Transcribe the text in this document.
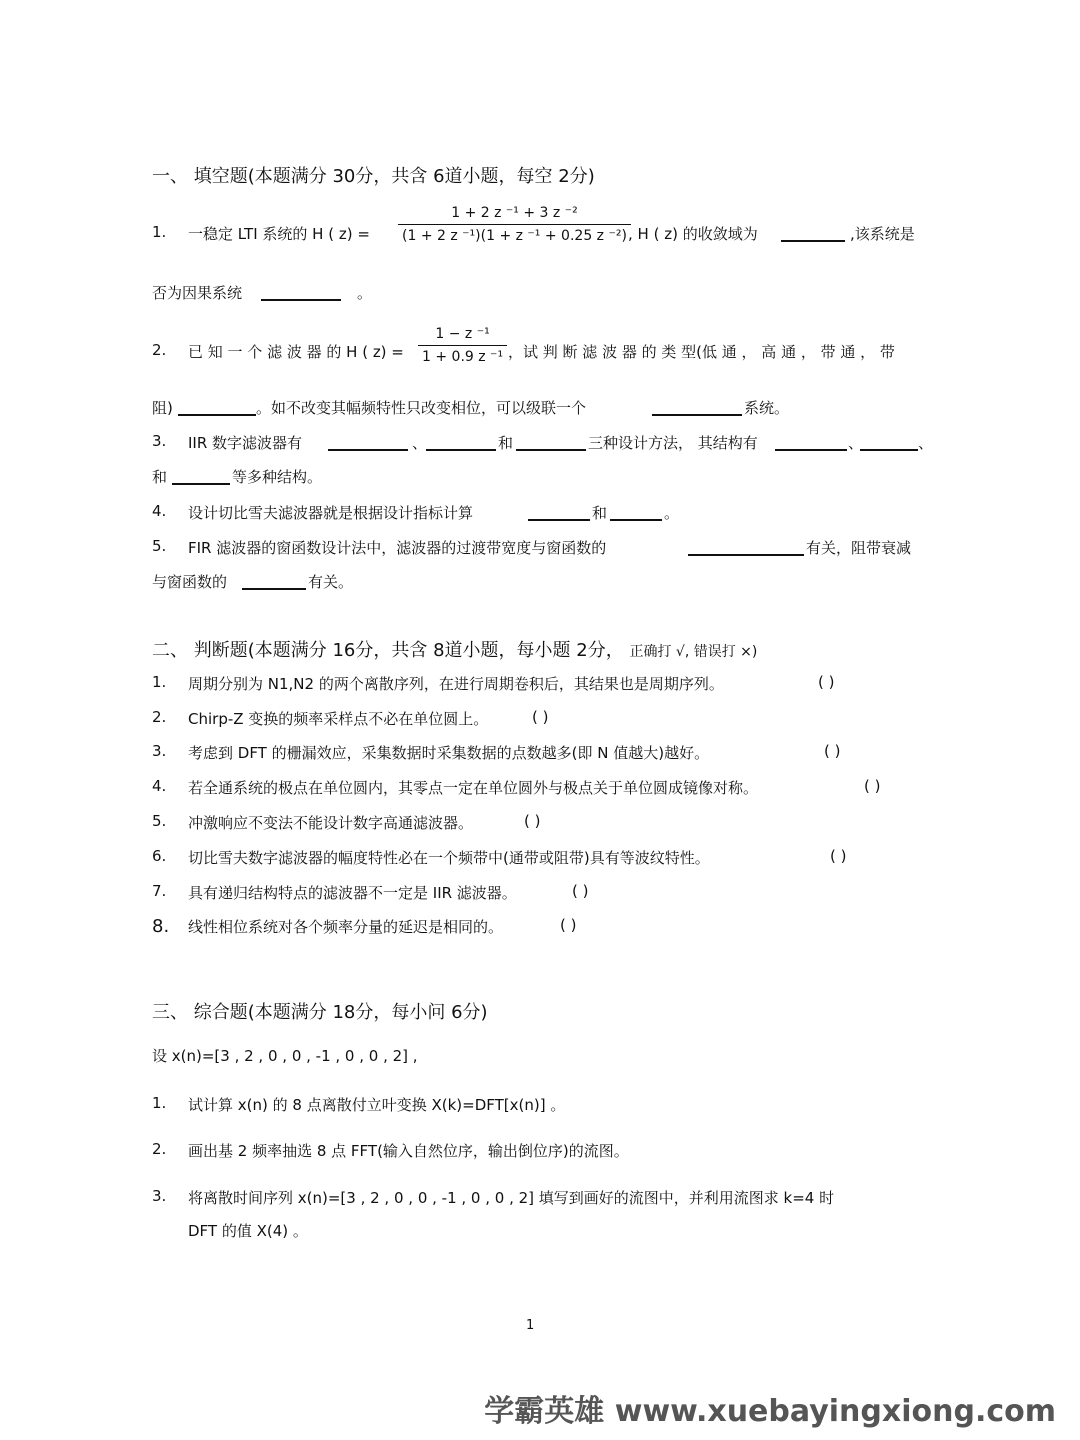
一、 填空题(本题满分 30分，共含 6道小题，每空 2分)
1. 一稳定 LTI 系统的 H ( z) =
1 + 2 z ⁻¹ + 3 z ⁻²
(1 + 2 z ⁻¹)(1 + z ⁻¹ + 0.25 z ⁻²) , H ( z) 的收敛域为	,该系统是
否为因果系统	。
2. 已 知 一 个 滤 波 器 的 H ( z) =
1 − z ⁻¹
1 + 0.9 z ⁻¹ ，试 判 断 滤 波 器 的 类 型(低 通 ， 高 通 ， 带 通 ， 带
阻)	。如不改变其幅频特性只改变相位，可以级联一个	系统。
3. IIR 数字滤波器有	、	和	三种设计方法， 其结构有	、	、
和	等多种结构。
4. 设计切比雪夫滤波器就是根据设计指标计算	和	。
5. FIR 滤波器的窗函数设计法中，滤波器的过渡带宽度与窗函数的	有关，阻带衰减
与窗函数的	有关。
二、 判断题(本题满分 16分，共含 8道小题，每小题 2分， 正确打 √, 错误打 ×)
1. 周期分别为 N1,N2 的两个离散序列，在进行周期卷积后，其结果也是周期序列。	( )
2. Chirp-Z 变换的频率采样点不必在单位圆上。	( )
3. 考虑到 DFT 的栅漏效应，采集数据时采集数据的点数越多(即 N 值越大)越好。	( )
4. 若全通系统的极点在单位圆内，其零点一定在单位圆外与极点关于单位圆成镜像对称。	( )
5. 冲激响应不变法不能设计数字高通滤波器。	( )
6. 切比雪夫数字滤波器的幅度特性必在一个频带中(通带或阻带)具有等波纹特性。	( )
7. 具有递归结构特点的滤波器不一定是 IIR 滤波器。	( )
8. 线性相位系统对各个频率分量的延迟是相同的。	( )
三、 综合题(本题满分 18分，每小问 6分)
设 x(n)=[3 , 2 , 0 , 0 , -1 , 0 , 0 , 2] ,
1. 试计算 x(n) 的 8 点离散付立叶变换 X(k)=DFT[x(n)] 。
2. 画出基 2 频率抽选 8 点 FFT(输入自然位序，输出倒位序)的流图。
3. 将离散时间序列 x(n)=[3 , 2 , 0 , 0 , -1 , 0 , 0 , 2] 填写到画好的流图中，并利用流图求 k=4 时
DFT 的值 X(4) 。
1
学霸英雄 www.xuebayingxiong.com
